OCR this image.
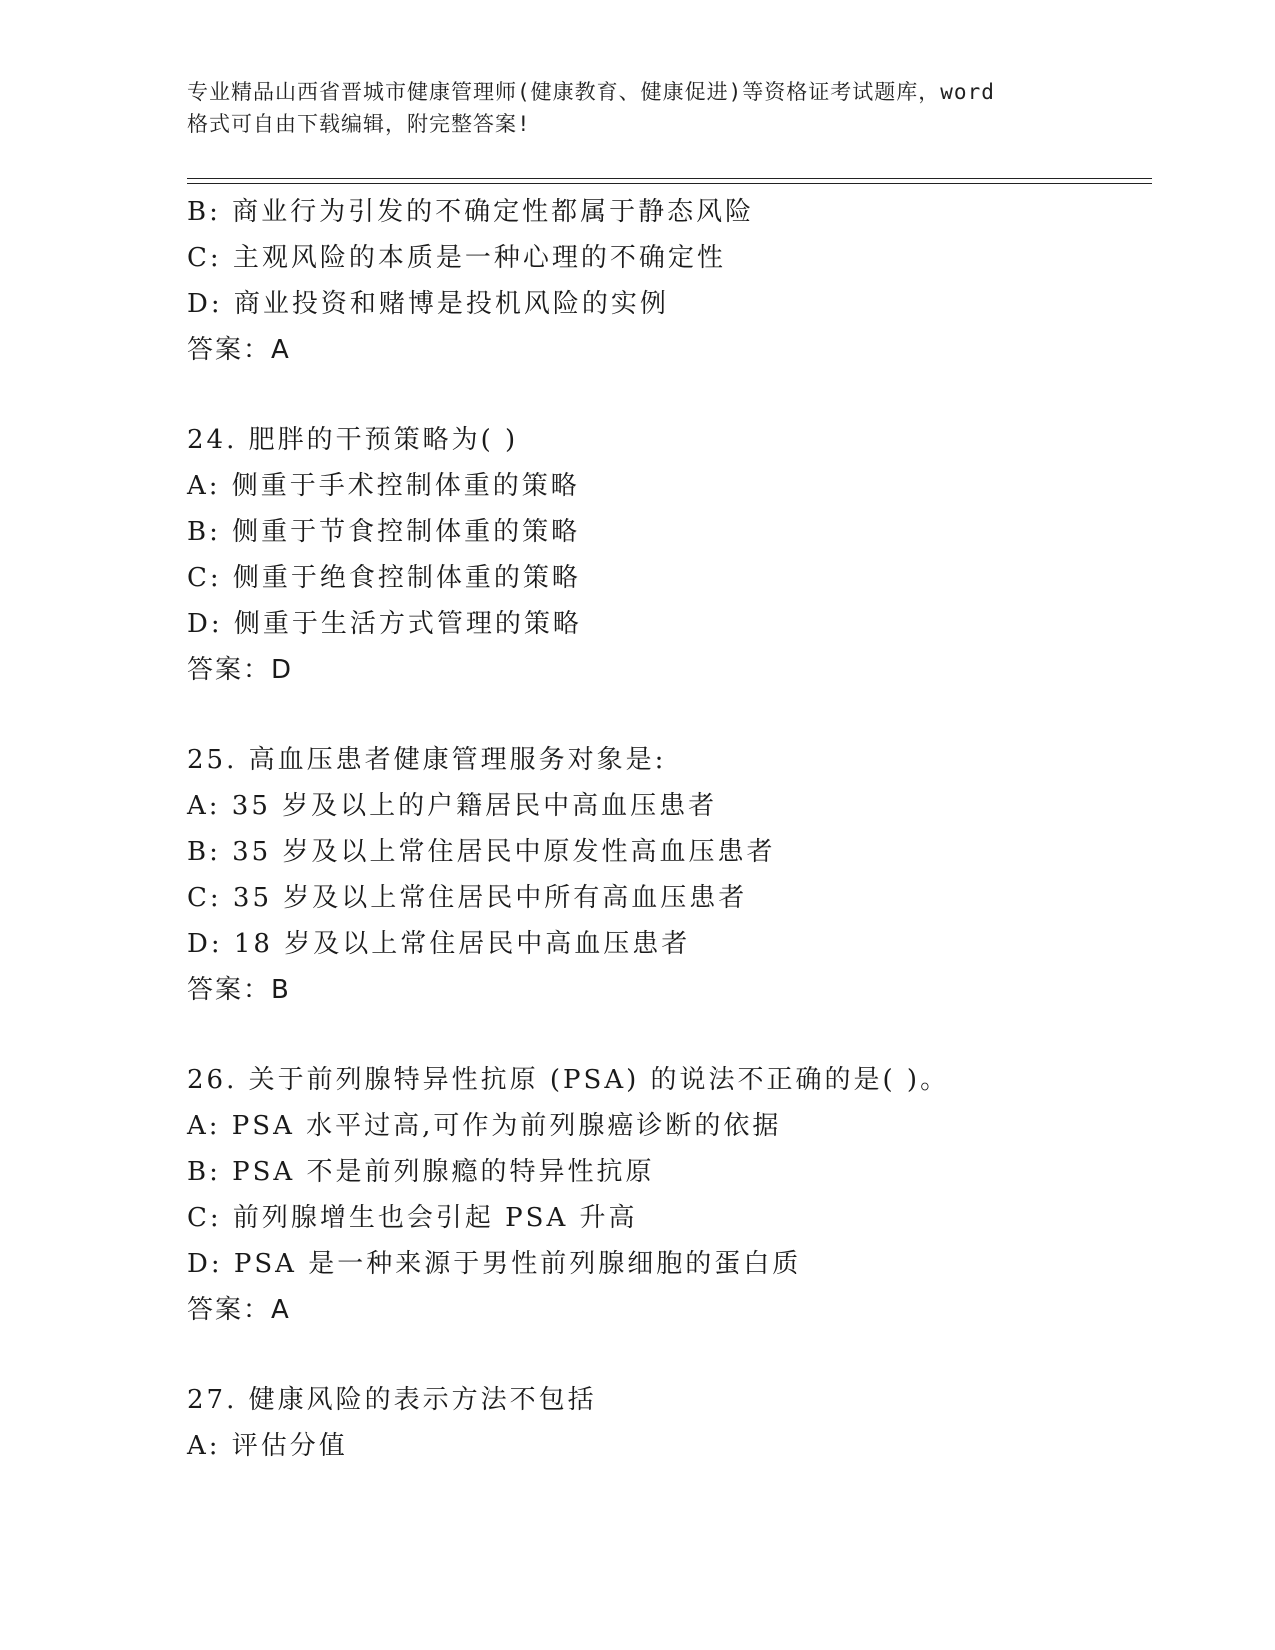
专业精品山西省晋城市健康管理师(健康教育、健康促进)等资格证考试题库，word
格式可自由下载编辑，附完整答案!
B: 商业行为引发的不确定性都属于静态风险
C: 主观风险的本质是一种心理的不确定性
D: 商业投资和赌博是投机风险的实例
答案：A
24. 肥胖的干预策略为( )
A: 侧重于手术控制体重的策略
B: 侧重于节食控制体重的策略
C: 侧重于绝食控制体重的策略
D: 侧重于生活方式管理的策略
答案：D
25. 高血压患者健康管理服务对象是:
A: 35 岁及以上的户籍居民中高血压患者
B: 35 岁及以上常住居民中原发性高血压患者
C: 35 岁及以上常住居民中所有高血压患者
D: 18 岁及以上常住居民中高血压患者
答案：B
26. 关于前列腺特异性抗原 (PSA) 的说法不正确的是( )。
A: PSA 水平过高,可作为前列腺癌诊断的依据
B: PSA 不是前列腺瘾的特异性抗原
C: 前列腺增生也会引起 PSA 升高
D: PSA 是一种来源于男性前列腺细胞的蛋白质
答案：A
27. 健康风险的表示方法不包括
A: 评估分值
